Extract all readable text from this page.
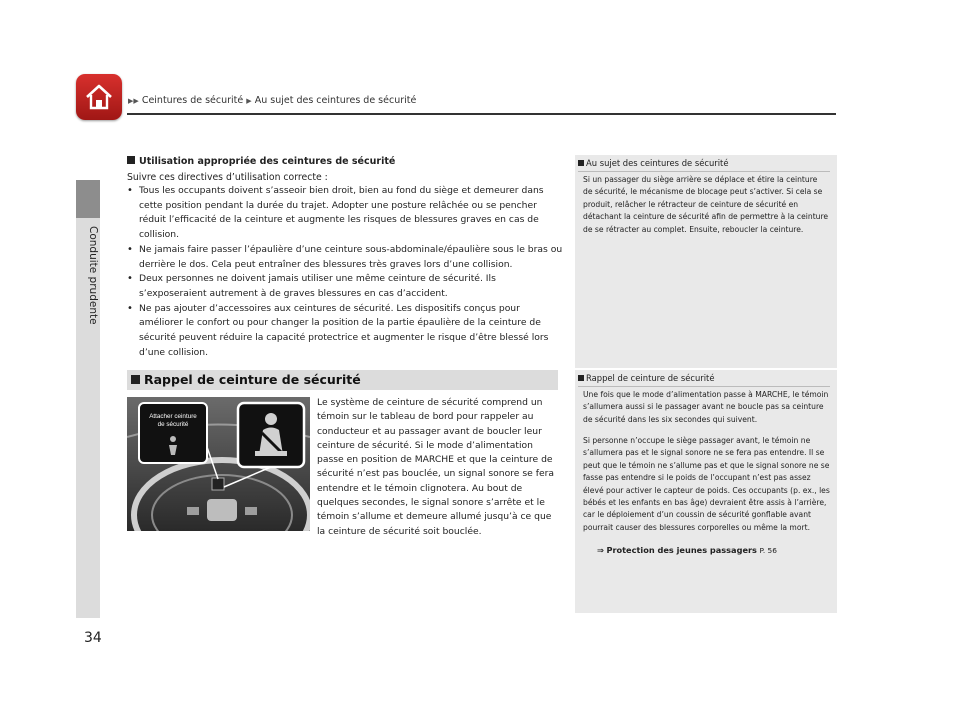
▶▶ Ceintures de sécurité ▶ Au sujet des ceintures de sécurité
Conduite prudente
34
Utilisation appropriée des ceintures de sécurité
Suivre ces directives d’utilisation correcte :
• Tous les occupants doivent s’asseoir bien droit, bien au fond du siège et demeurer dans cette position pendant la durée du trajet. Adopter une posture relâchée ou se pencher réduit l’efficacité de la ceinture et augmente les risques de blessures graves en cas de collision.
• Ne jamais faire passer l’épaulière d’une ceinture sous-abdominale/épaulière sous le bras ou derrière le dos. Cela peut entraîner des blessures très graves lors d’une collision.
• Deux personnes ne doivent jamais utiliser une même ceinture de sécurité. Ils s’exposeraient autrement à de graves blessures en cas d’accident.
• Ne pas ajouter d’accessoires aux ceintures de sécurité. Les dispositifs conçus pour améliorer le confort ou pour changer la position de la partie épaulière de la ceinture de sécurité peuvent réduire la capacité protectrice et augmenter le risque d’être blessé lors d’une collision.
Au sujet des ceintures de sécurité
Si un passager du siège arrière se déplace et étire la ceinture de sécurité, le mécanisme de blocage peut s’activer. Si cela se produit, relâcher le rétracteur de ceinture de sécurité en détachant la ceinture de sécurité afin de permettre à la ceinture de se rétracter au complet. Ensuite, reboucler la ceinture.
Rappel de ceinture de sécurité
Attacher ceinture
de sécurité
Le système de ceinture de sécurité comprend un témoin sur le tableau de bord pour rappeler au conducteur et au passager avant de boucler leur ceinture de sécurité. Si le mode d’alimentation passe en position de MARCHE et que la ceinture de sécurité n’est pas bouclée, un signal sonore se fera entendre et le témoin clignotera. Au bout de quelques secondes, le signal sonore s’arrête et le témoin s’allume et demeure allumé jusqu’à ce que la ceinture de sécurité soit bouclée.
Rappel de ceinture de sécurité
Une fois que le mode d’alimentation passe à MARCHE, le témoin s’allumera aussi si le passager avant ne boucle pas sa ceinture de sécurité dans les six secondes qui suivent.
Si personne n’occupe le siège passager avant, le témoin ne s’allumera pas et le signal sonore ne se fera pas entendre. Il se peut que le témoin ne s’allume pas et que le signal sonore ne se fasse pas entendre si le poids de l’occupant n’est pas assez élevé pour activer le capteur de poids. Ces occupants (p. ex., les bébés et les enfants en bas âge) devraient être assis à l’arrière, car le déploiement d’un coussin de sécurité gonflable avant pourrait causer des blessures corporelles ou même la mort.
⇒ Protection des jeunes passagers P. 56
